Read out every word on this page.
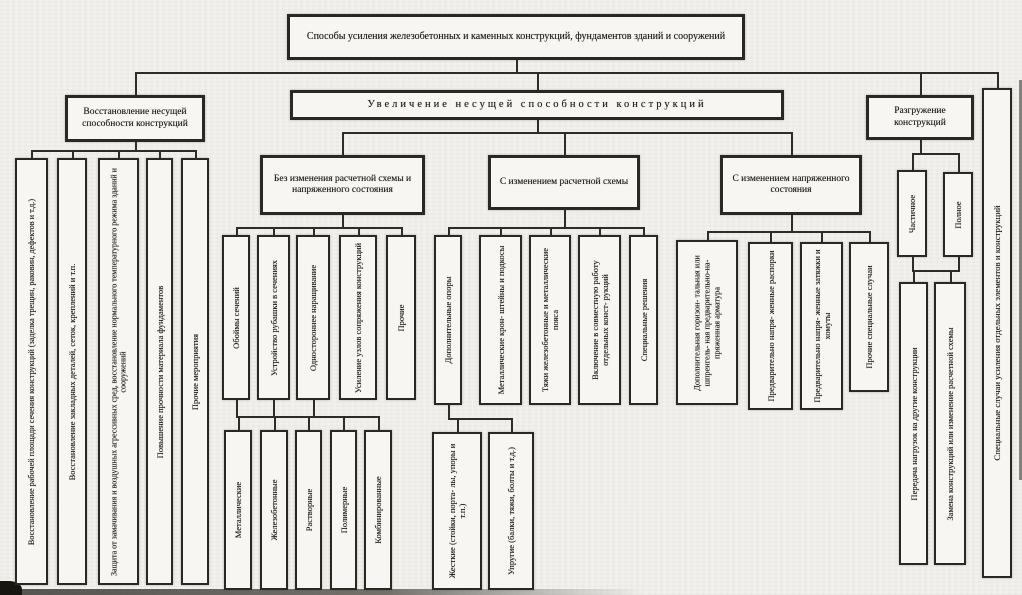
Способы усиления железобетонных и каменных конструкций, фундаментов зданий и сооружений
Восстановление несущей способности конструкций
Увеличение несущей способности конструкций
Разгружение конструкций
Специальные случаи усиления отдельных элементов и конструкций
Восстановление рабочей площади сечения конструкций (заделка трещин, раковин, дефектов и т.д.)	Восстановление закладных деталей, сеток, креплений и т.п.	Защита от замачивания и воздушных агрессивных сред, восстановление нормального температурного режима зданий и сооружений	Повышение прочности материала фундаментов	Прочие мероприятия
Без изменения расчетной схемы и напряженного состояния
С изменением расчетной схемы	С изменением напряженного состояния
Обоймы сечений	Устройство рубашки в сечениях	Одностороннее наращивание	Усиление узлов сопряжения конструкций	Прочие
Металлические	Железобетонные	Растворные	Полимерные	Комбинированные
Дополнительные опоры	Металлические крон- штейны и подкосы	Тяжи железобетонные и металлические пояса	Включение в совместную работу отдельных конст- рукций	Специальные решения
Жесткие (стойки, порта- лы, упоры и т.п.)	Упругие (балки, тяжи, болты и т.д.)
Дополнительная горизон- тальная или шпренгель- ная предварительно-на- пряженная арматура	Предварительно напря- женные распорки	Предварительно напря- женные затяжки и хомуты	Прочие специальные случаи
Частичное	Полное
Передача нагрузок на другие конструкции	Замена конструкций или изменение расчетной схемы
